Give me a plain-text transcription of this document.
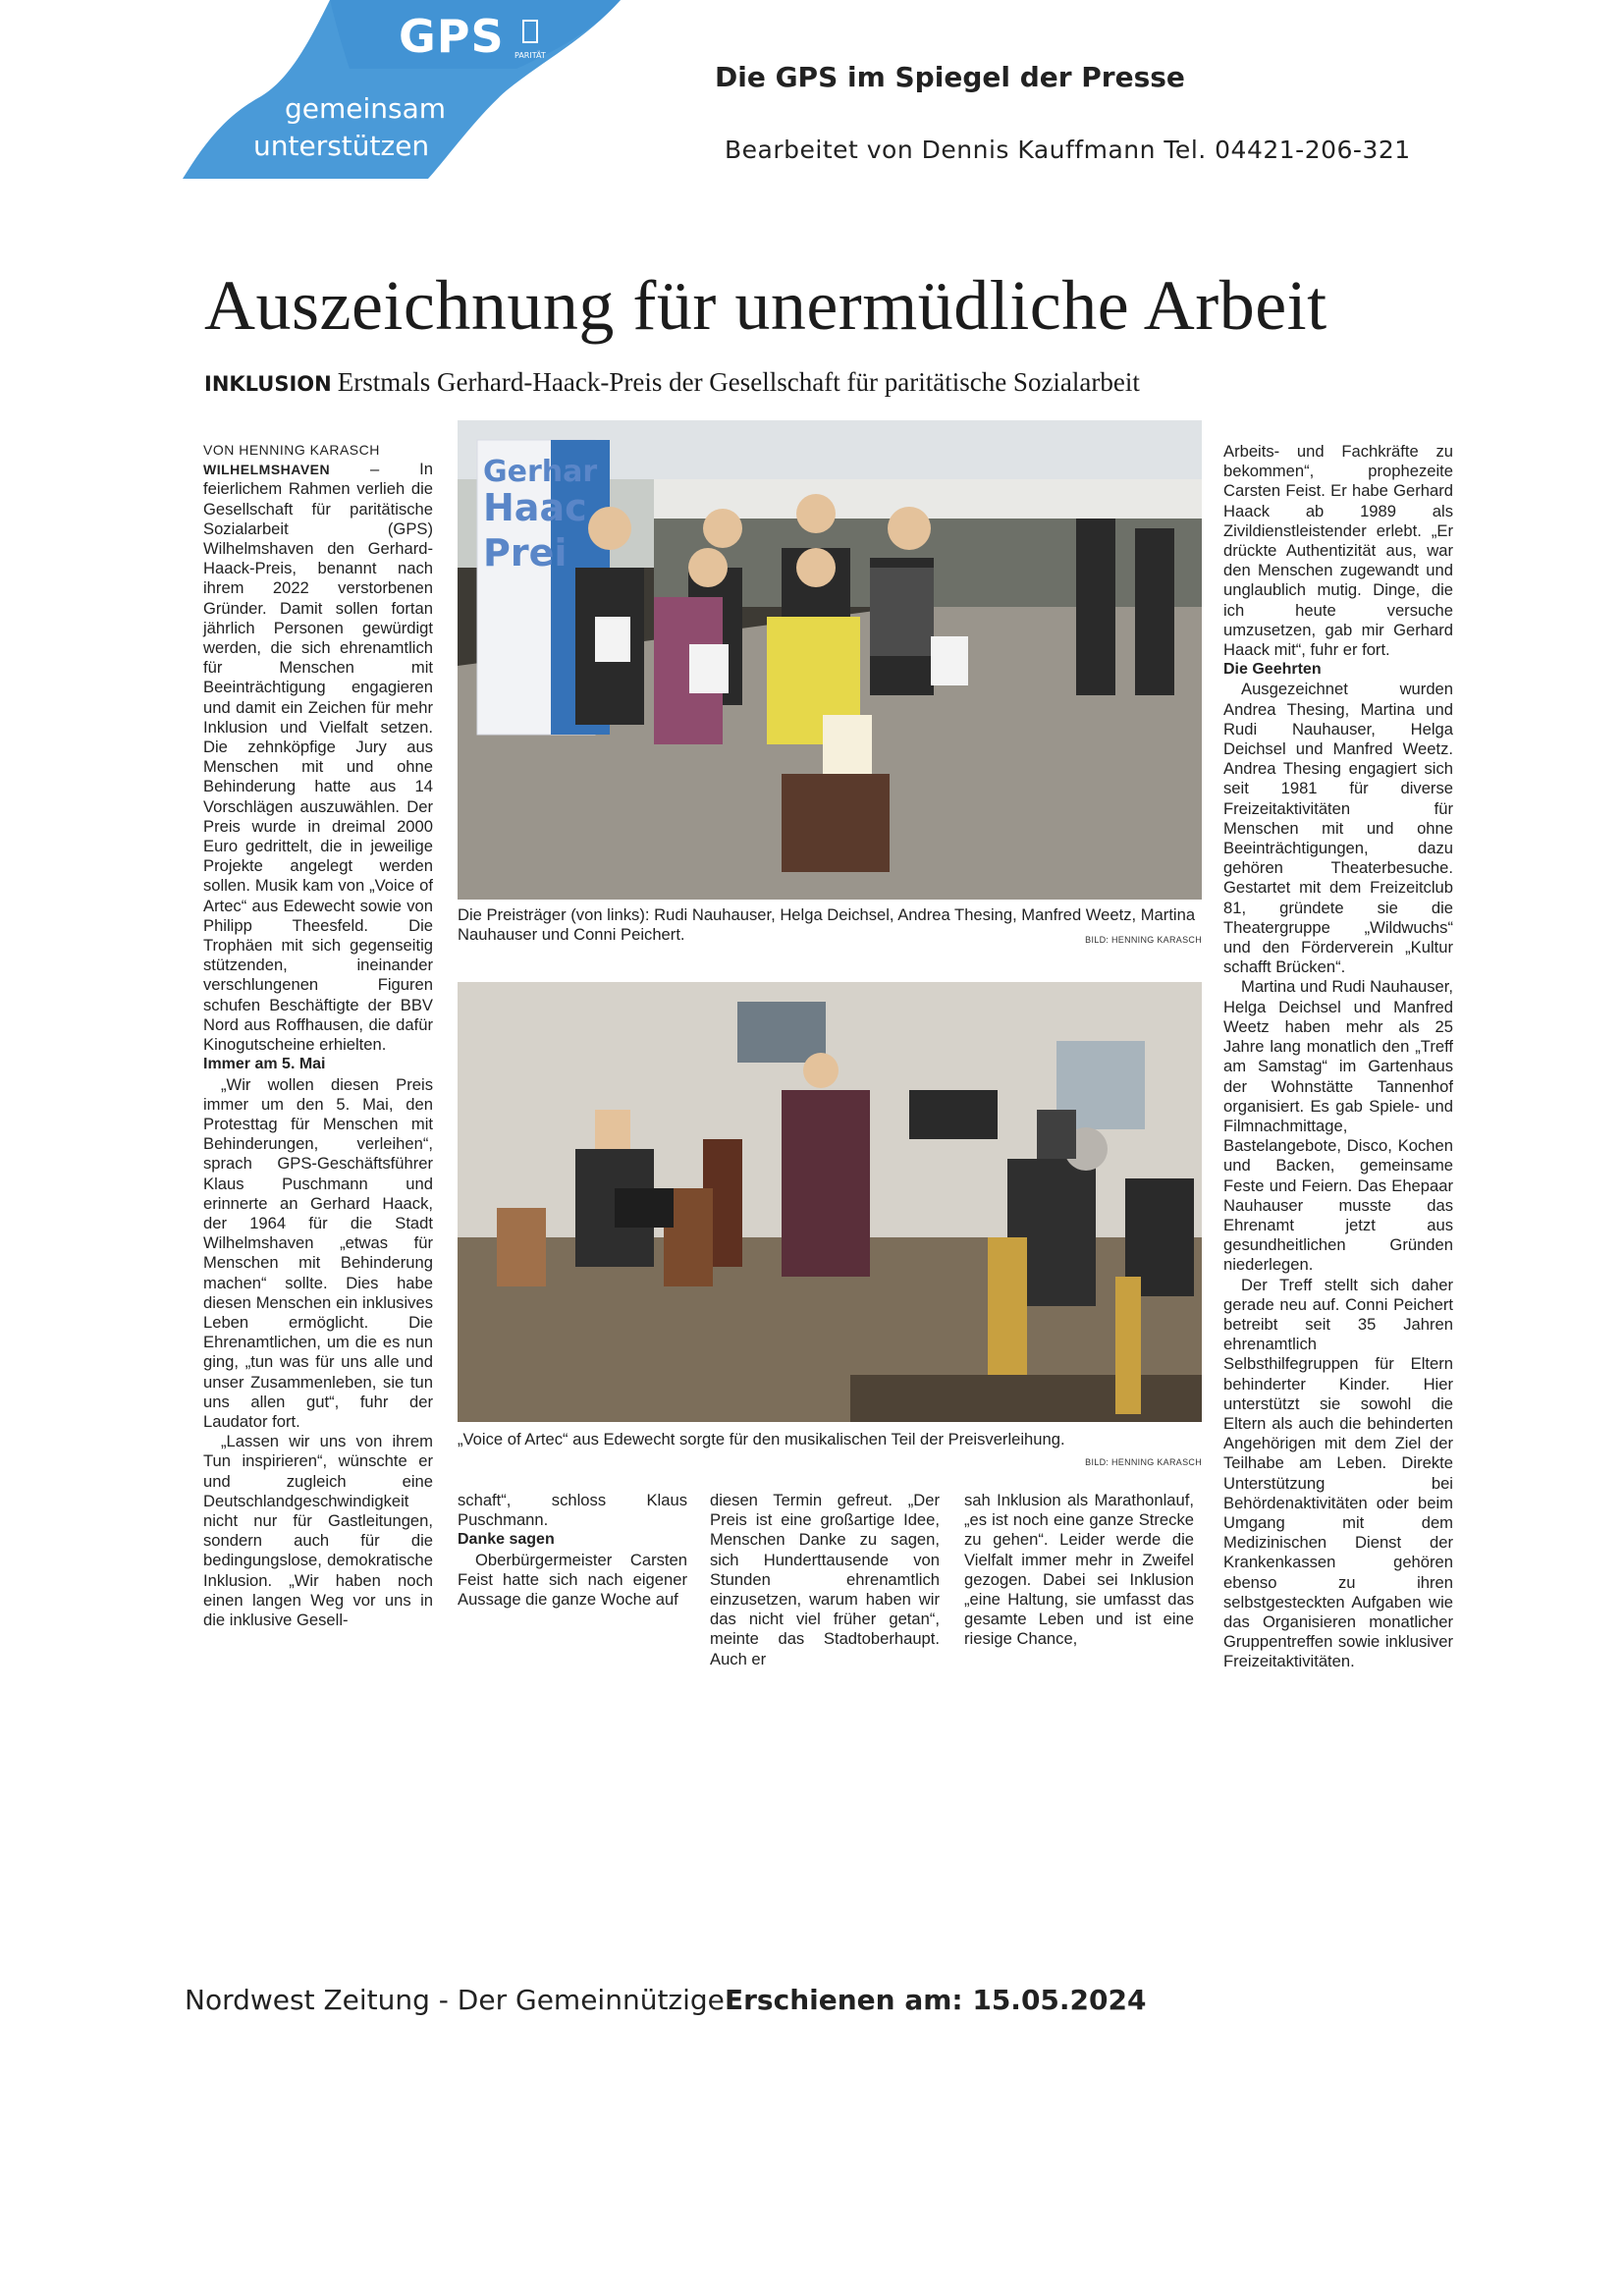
GPS PARITÄT
gemeinsam
unterstützen
Die GPS im Spiegel der Presse
Bearbeitet von Dennis Kauffmann Tel. 04421-206-321
Auszeichnung für unermüdliche Arbeit
INKLUSION Erstmals Gerhard-Haack-Preis der Gesellschaft für paritätische Sozialarbeit

VON HENNING KARASCH

WILHELMSHAVEN – In feierlichem Rahmen verlieh die Gesellschaft für paritätische Sozialarbeit (GPS) Wilhelmshaven den Gerhard-Haack-Preis, benannt nach ihrem 2022 verstorbenen Gründer. Damit sollen fortan jährlich Personen gewürdigt werden, die sich ehrenamtlich für Menschen mit Beeinträchtigung engagieren und damit ein Zeichen für mehr Inklusion und Vielfalt setzen. Die zehnköpfige Jury aus Menschen mit und ohne Behinderung hatte aus 14 Vorschlägen auszuwählen. Der Preis wurde in dreimal 2000 Euro gedrittelt, die in jeweilige Projekte angelegt werden sollen. Musik kam von „Voice of Artec“ aus Edewecht sowie von Philipp Theesfeld. Die Trophäen mit sich gegenseitig stützenden, ineinander verschlungenen Figuren schufen Beschäftigte der BBV Nord aus Roffhausen, die dafür Kinogutscheine erhielten.

Immer am 5. Mai

„Wir wollen diesen Preis immer um den 5. Mai, den Protesttag für Menschen mit Behinderungen, verleihen“, sprach GPS-Geschäftsführer Klaus Puschmann und erinnerte an Gerhard Haack, der 1964 für die Stadt Wilhelmshaven „etwas für Menschen mit Behinderung machen“ sollte. Dies habe diesen Menschen ein inklusives Leben ermöglicht. Die Ehrenamtlichen, um die es nun ging, „tun was für uns alle und unser Zusammenleben, sie tun uns allen gut“, fuhr der Laudator fort.

„Lassen wir uns von ihrem Tun inspirieren“, wünschte er und zugleich eine Deutschlandgeschwindigkeit nicht nur für Gastleitungen, sondern auch für die bedingungslose, demokratische Inklusion. „Wir haben noch einen langen Weg vor uns in die inklusive Gesell-

Gerhar
Haac
Prei
Die Preisträger (von links): Rudi Nauhauser, Helga Deichsel, Andrea Thesing, Manfred Weetz, Martina Nauhauser und Conni Peichert.	BILD: HENNING KARASCH
„Voice of Artec“ aus Edewecht sorgte für den musikalischen Teil der Preisverleihung.
BILD: HENNING KARASCH

schaft“, schloss Klaus Puschmann.

Danke sagen

Oberbürgermeister Carsten Feist hatte sich nach eigener Aussage die ganze Woche auf

diesen Termin gefreut. „Der Preis ist eine großartige Idee, Menschen Danke zu sagen, sich Hunderttausende von Stunden ehrenamtlich einzusetzen, warum haben wir das nicht viel früher getan“, meinte das Stadtoberhaupt. Auch er

sah Inklusion als Marathonlauf, „es ist noch eine ganze Strecke zu gehen“. Leider werde die Vielfalt immer mehr in Zweifel gezogen. Dabei sei Inklusion „eine Haltung, sie umfasst das gesamte Leben und ist eine riesige Chance,

Arbeits- und Fachkräfte zu bekommen“, prophezeite Carsten Feist. Er habe Gerhard Haack ab 1989 als Zivildienstleistender erlebt. „Er drückte Authentizität aus, war den Menschen zugewandt und unglaublich mutig. Dinge, die ich heute versuche umzusetzen, gab mir Gerhard Haack mit“, fuhr er fort.

Die Geehrten

Ausgezeichnet wurden Andrea Thesing, Martina und Rudi Nauhauser, Helga Deichsel und Manfred Weetz. Andrea Thesing engagiert sich seit 1981 für diverse Freizeitaktivitäten für Menschen mit und ohne Beeinträchtigungen, dazu gehören Theaterbesuche. Gestartet mit dem Freizeitclub 81, gründete sie die Theatergruppe „Wildwuchs“ und den Förderverein „Kultur schafft Brücken“.

Martina und Rudi Nauhauser, Helga Deichsel und Manfred Weetz haben mehr als 25 Jahre lang monatlich den „Treff am Samstag“ im Gartenhaus der Wohnstätte Tannenhof organisiert. Es gab Spiele- und Filmnachmittage, Bastelangebote, Disco, Kochen und Backen, gemeinsame Feste und Feiern. Das Ehepaar Nauhauser musste das Ehrenamt jetzt aus gesundheitlichen Gründen niederlegen.

Der Treff stellt sich daher gerade neu auf. Conni Peichert betreibt seit 35 Jahren ehrenamtlich Selbsthilfegruppen für Eltern behinderter Kinder. Hier unterstützt sie sowohl die Eltern als auch die behinderten Angehörigen mit dem Ziel der Teilhabe am Leben. Direkte Unterstützung bei Behördenaktivitäten oder beim Umgang mit dem Medizinischen Dienst der Krankenkassen gehören ebenso zu ihren selbstgesteckten Aufgaben wie das Organisieren monatlicher Gruppentreffen sowie inklusiver Freizeitaktivitäten.

Nordwest Zeitung - Der Gemeinnützige Erschienen am: 15.05.2024
